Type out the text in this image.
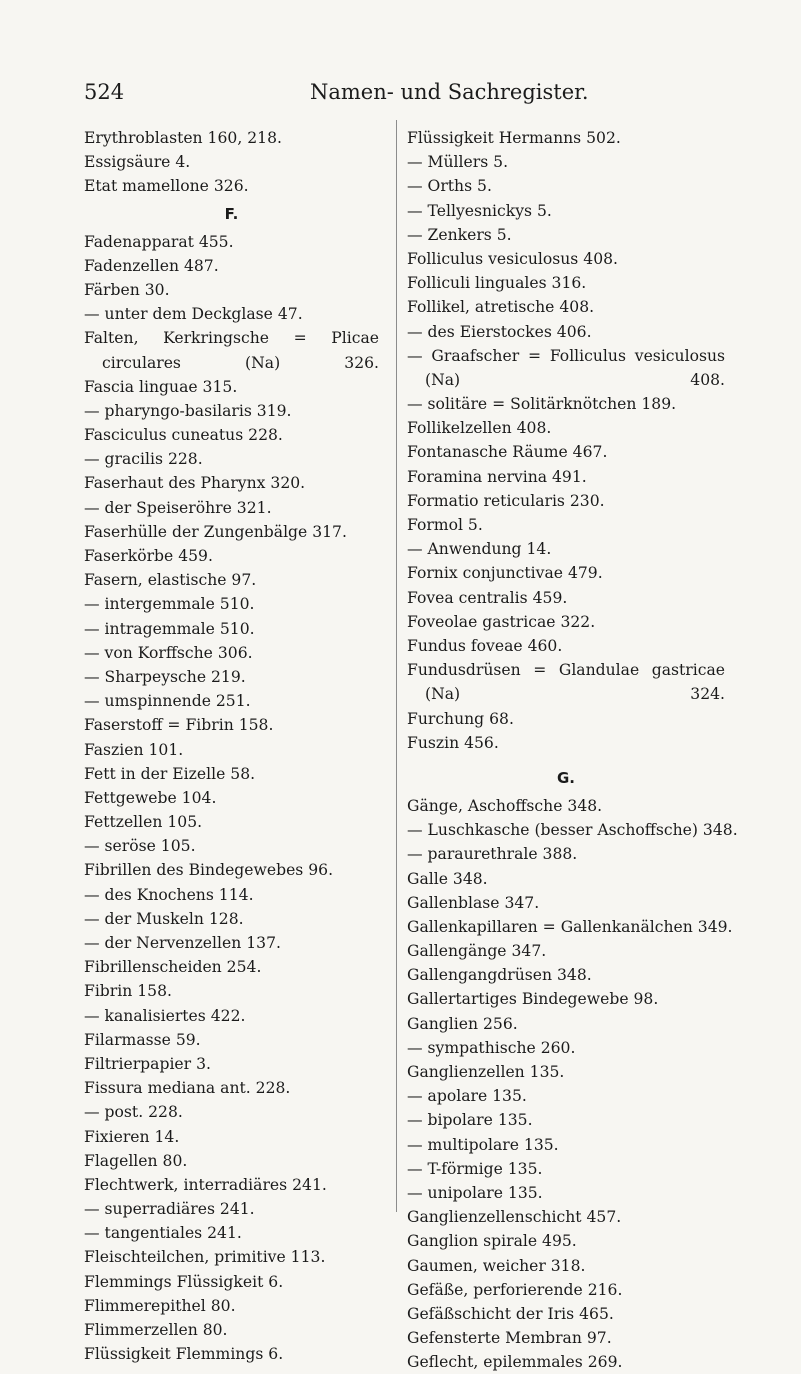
524	Namen- und Sachregister.
Erythroblasten 160, 218.
Essigsäure 4.
Etat mamellone 326.
F.
Fadenapparat 455.
Fadenzellen 487.
Färben 30.
— unter dem Deckglase 47.
Falten, Kerkringsche = Plicae circulares (Na) 326.
Fascia linguae 315.
— pharyngo-basilaris 319.
Fasciculus cuneatus 228.
— gracilis 228.
Faserhaut des Pharynx 320.
— der Speiseröhre 321.
Faserhülle der Zungenbälge 317.
Faserkörbe 459.
Fasern, elastische 97.
— intergemmale 510.
— intragemmale 510.
— von Korffsche 306.
— Sharpeysche 219.
— umspinnende 251.
Faserstoff = Fibrin 158.
Faszien 101.
Fett in der Eizelle 58.
Fettgewebe 104.
Fettzellen 105.
— seröse 105.
Fibrillen des Bindegewebes 96.
— des Knochens 114.
— der Muskeln 128.
— der Nervenzellen 137.
Fibrillenscheiden 254.
Fibrin 158.
— kanalisiertes 422.
Filarmasse 59.
Filtrierpapier 3.
Fissura mediana ant. 228.
— post. 228.
Fixieren 14.
Flagellen 80.
Flechtwerk, interradiäres 241.
— superradiäres 241.
— tangentiales 241.
Fleischteilchen, primitive 113.
Flemmings Flüssigkeit 6.
Flimmerepithel 80.
Flimmerzellen 80.
Flüssigkeit Flemmings 6.
Flüssigkeit Hermanns 502.
— Müllers 5.
— Orths 5.
— Tellyesnickys 5.
— Zenkers 5.
Folliculus vesiculosus 408.
Folliculi linguales 316.
Follikel, atretische 408.
— des Eierstockes 406.
— Graafscher = Folliculus vesiculosus (Na) 408.
— solitäre = Solitärknötchen 189.
Follikelzellen 408.
Fontanasche Räume 467.
Foramina nervina 491.
Formatio reticularis 230.
Formol 5.
— Anwendung 14.
Fornix conjunctivae 479.
Fovea centralis 459.
Foveolae gastricae 322.
Fundus foveae 460.
Fundusdrüsen = Glandulae gastricae (Na) 324.
Furchung 68.
Fuszin 456.
G.
Gänge, Aschoffsche 348.
— Luschkasche (besser Aschoffsche) 348.
— paraurethrale 388.
Galle 348.
Gallenblase 347.
Gallenkapillaren = Gallenkanälchen 349.
Gallengänge 347.
Gallengangdrüsen 348.
Gallertartiges Bindegewebe 98.
Ganglien 256.
— sympathische 260.
Ganglienzellen 135.
— apolare 135.
— bipolare 135.
— multipolare 135.
— T-förmige 135.
— unipolare 135.
Ganglienzellenschicht 457.
Ganglion spirale 495.
Gaumen, weicher 318.
Gefäße, perforierende 216.
Gefäßschicht der Iris 465.
Gefensterte Membran 97.
Geflecht, epilemmales 269.
